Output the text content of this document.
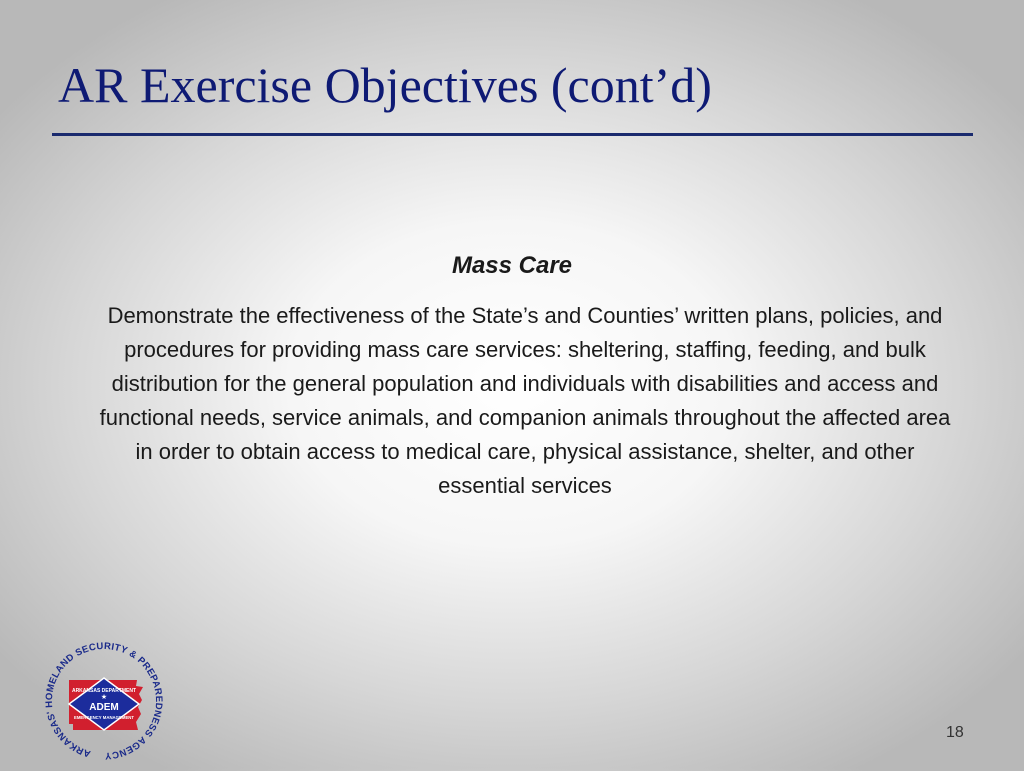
AR Exercise Objectives (cont’d)
Mass Care

Demonstrate the effectiveness of the State’s and Counties’ written plans, policies, and procedures for providing mass care services: sheltering, staffing, feeding, and bulk distribution for the general population and individuals with disabilities and access and functional needs, service animals, and companion animals throughout the affected area in order to obtain access to medical care, physical assistance, shelter, and other essential services

ARKANSAS' HOMELAND SECURITY & PREPAREDNESS AGENCY
ARKANSAS DEPARTMENT
★
ADEM
EMERGENCY MANAGEMENT
18
